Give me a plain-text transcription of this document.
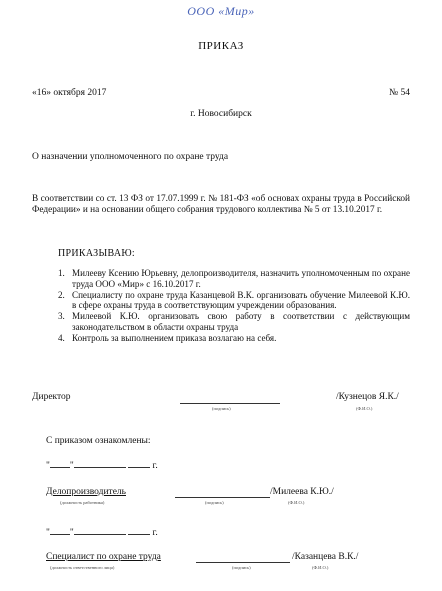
ООО «Мир»
ПРИКАЗ
«16» октября 2017	№ 54
г. Новосибирск
О назначении уполномоченного по охране труда
В соответствии со ст. 13 ФЗ от 17.07.1999 г. № 181-ФЗ «об основах охраны труда в Российской Федерации» и на основании общего собрания трудового коллектива № 5 от 13.10.2017 г.
ПРИКАЗЫВАЮ:
1. Милееву Ксению Юрьевну, делопроизводителя, назначить уполномоченным по охране труда ООО «Мир» с 16.10.2017 г.
2. Специалисту по охране труда Казанцевой В.К. организовать обучение Милеевой К.Ю. в сфере охраны труда в соответствующим учреждении образования.
3. Милеевой К.Ю. организовать свою работу в соответствии с действующим законодательством в области охраны труда
4. Контроль за выполнением приказа возлагаю на себя.
Директор
(подпись)
/Кузнецов Я.К./
(Ф.И.О.)
С приказом ознакомлены:
" "	г.
Делопроизводитель
(должность работника)	(подпись)
/Милеева К.Ю./
(Ф.И.О.)
" "	г.
Специалист по охране труда
(должность ответственного лица)	(подпись)
/Казанцева В.К./
(Ф.И.О.)
